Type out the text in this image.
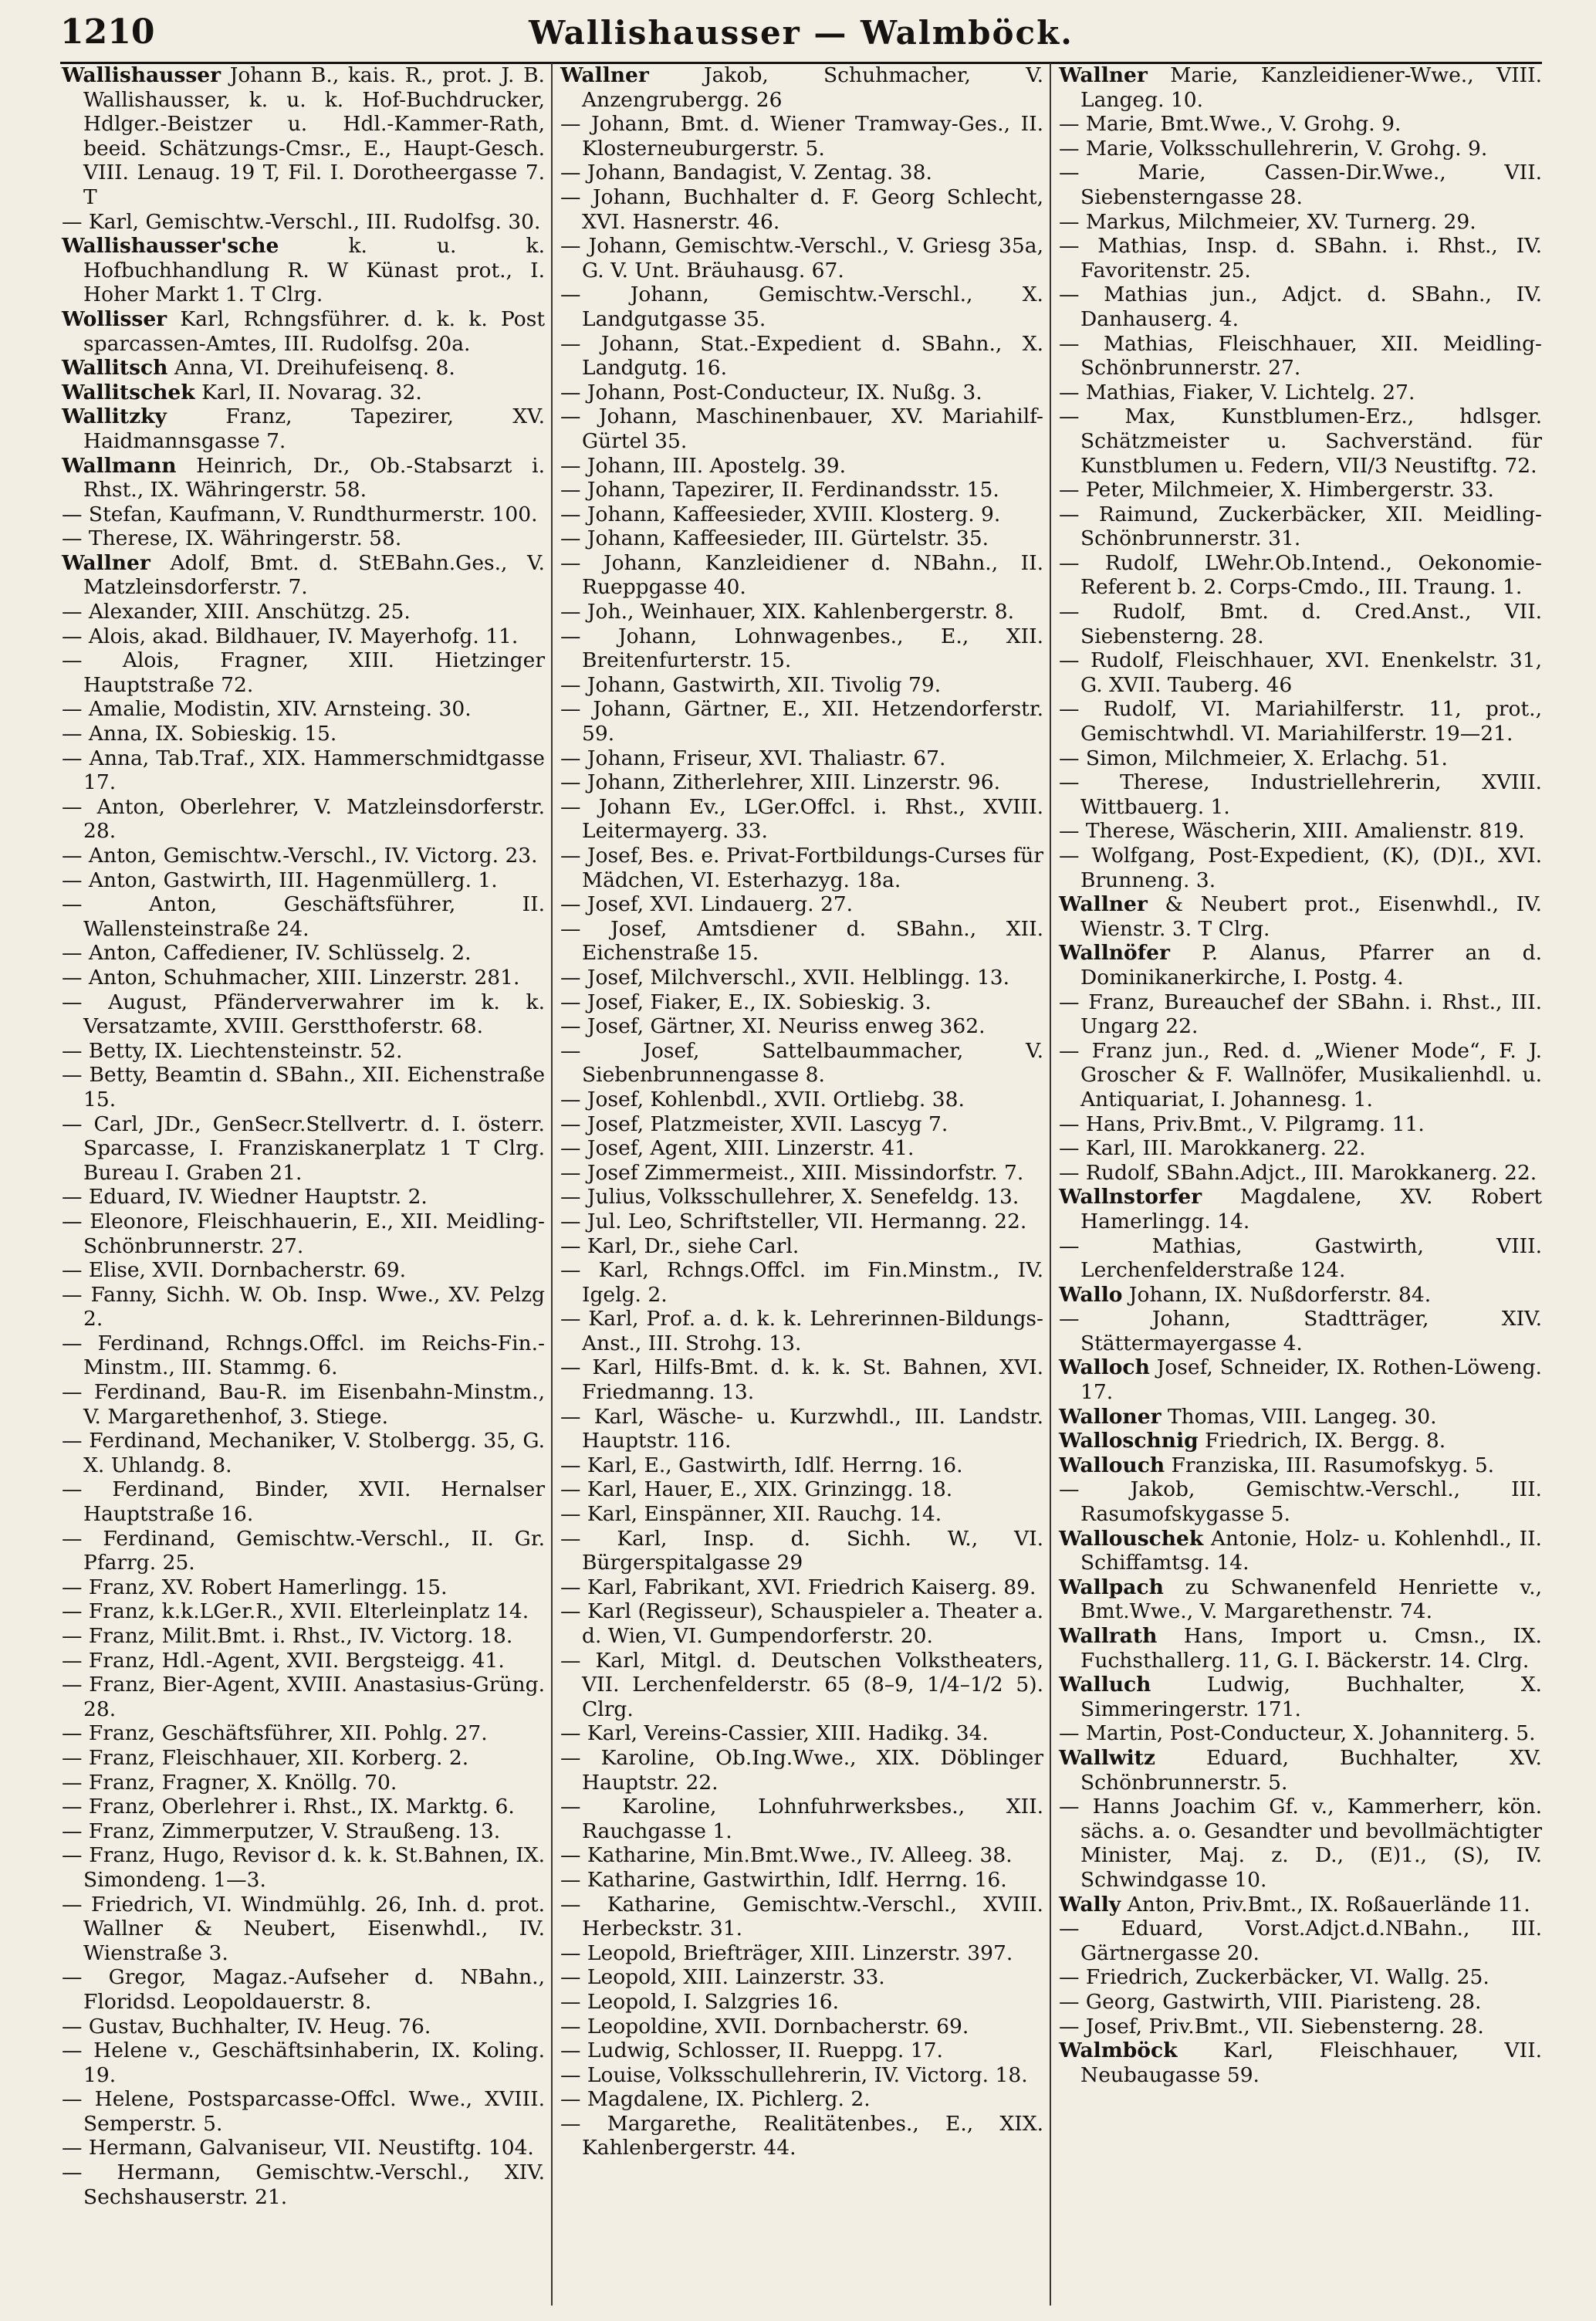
1210	Wallishausser — Walmböck.

Wallishausser Johann B., kais. R., prot. J. B. Wallishausser, k. u. k. Hof-Buchdrucker, Hdlger.-Beistzer u. Hdl.-Kammer-Rath, beeid. Schätzungs-Cmsr., E., Haupt-Gesch. VIII. Lenaug. 19 T, Fil. I. Dorotheergasse 7. T

— Karl, Gemischtw.-Verschl., III. Rudolfsg. 30.

Wallishausser'sche	k. u. k. Hofbuchhandlung R. W Künast prot., I. Hoher Markt 1. T Clrg.

Wollisser Karl, Rchngsführer. d. k. k. Post sparcassen-Amtes, III. Rudolfsg. 20a.

Wallitsch Anna, VI. Dreihufeisenq. 8.

Wallitschek Karl, II. Novarag. 32.

Wallitzky	Franz, Tapezirer, XV. Haidmannsgasse 7.

Wallmann Heinrich, Dr., Ob.-Stabsarzt i. Rhst., IX. Währingerstr. 58.

— Stefan, Kaufmann, V. Rundthurmerstr. 100.

— Therese, IX. Währingerstr. 58.

Wallner Adolf, Bmt. d. StEBahn.Ges., V. Matzleinsdorferstr. 7.

— Alexander, XIII. Anschützg. 25.

— Alois, akad. Bildhauer, IV. Mayerhofg. 11.

— Alois, Fragner, XIII. Hietzinger Hauptstraße 72.

— Amalie, Modistin, XIV. Arnsteing. 30.

— Anna, IX. Sobieskig. 15.

— Anna, Tab.Traf., XIX. Hammerschmidtgasse 17.

— Anton, Oberlehrer, V. Matzleinsdorferstr. 28.

— Anton, Gemischtw.-Verschl., IV. Victorg. 23.

— Anton, Gastwirth, III. Hagenmüllerg. 1.

— Anton, Geschäftsführer, II. Wallensteinstraße 24.

— Anton, Caffediener, IV. Schlüsselg. 2.

— Anton, Schuhmacher, XIII. Linzerstr. 281.

— August, Pfänderverwahrer im k. k. Versatzamte, XVIII. Gerstthoferstr. 68.

— Betty, IX. Liechtensteinstr. 52.

— Betty, Beamtin d. SBahn., XII. Eichenstraße 15.

— Carl, JDr., GenSecr.Stellvertr. d. I. österr. Sparcasse, I. Franziskanerplatz 1 T Clrg. Bureau I. Graben 21.

— Eduard, IV. Wiedner Hauptstr. 2.

— Eleonore, Fleischhauerin, E., XII. Meidling-Schönbrunnerstr. 27.

— Elise, XVII. Dornbacherstr. 69.

— Fanny, Sichh. W. Ob. Insp. Wwe., XV. Pelzg 2.

— Ferdinand, Rchngs.Offcl. im Reichs-Fin.-Minstm., III. Stammg. 6.

— Ferdinand, Bau-R. im Eisenbahn-Minstm., V. Margarethenhof, 3. Stiege.

— Ferdinand, Mechaniker, V. Stolbergg. 35, G. X. Uhlandg. 8.

— Ferdinand, Binder, XVII. Hernalser Hauptstraße 16.

— Ferdinand, Gemischtw.-Verschl., II. Gr. Pfarrg. 25.

— Franz, XV. Robert Hamerlingg. 15.

— Franz, k.k.LGer.R., XVII. Elterleinplatz 14.

— Franz, Milit.Bmt. i. Rhst., IV. Victorg. 18.

— Franz, Hdl.-Agent, XVII. Bergsteigg. 41.

— Franz, Bier-Agent, XVIII. Anastasius-Grüng. 28.

— Franz, Geschäftsführer, XII. Pohlg. 27.

— Franz, Fleischhauer, XII. Korberg. 2.

— Franz, Fragner, X. Knöllg. 70.

— Franz, Oberlehrer i. Rhst., IX. Marktg. 6.

— Franz, Zimmerputzer, V. Straußeng. 13.

— Franz, Hugo, Revisor d. k. k. St.Bahnen, IX. Simondeng. 1—3.

— Friedrich, VI. Windmühlg. 26, Inh. d. prot. Wallner & Neubert, Eisenwhdl., IV. Wienstraße 3.

— Gregor, Magaz.-Aufseher d. NBahn., Floridsd. Leopoldauerstr. 8.

— Gustav, Buchhalter, IV. Heug. 76.

— Helene v., Geschäftsinhaberin, IX. Koling. 19.

— Helene, Postsparcasse-Offcl. Wwe., XVIII. Semperstr. 5.

— Hermann, Galvaniseur, VII. Neustiftg. 104.

— Hermann, Gemischtw.-Verschl., XIV. Sechshauserstr. 21.

Wallner	Jakob, Schuhmacher, V. Anzengrubergg. 26

— Johann, Bmt. d. Wiener Tramway-Ges., II. Klosterneuburgerstr. 5.

— Johann, Bandagist, V. Zentag. 38.

— Johann, Buchhalter d. F. Georg Schlecht, XVI. Hasnerstr. 46.

— Johann, Gemischtw.-Verschl., V. Griesg 35a, G. V. Unt. Bräuhausg. 67.

— Johann, Gemischtw.-Verschl., X. Landgutgasse 35.

— Johann, Stat.-Expedient d. SBahn., X. Landgutg. 16.

— Johann, Post-Conducteur, IX. Nußg. 3.

— Johann, Maschinenbauer, XV. Mariahilf-Gürtel 35.

— Johann, III. Apostelg. 39.

— Johann, Tapezirer, II. Ferdinandsstr. 15.

— Johann, Kaffeesieder, XVIII. Klosterg. 9.

— Johann, Kaffeesieder, III. Gürtelstr. 35.

— Johann, Kanzleidiener d. NBahn., II. Rueppgasse 40.

— Joh., Weinhauer, XIX. Kahlenbergerstr. 8.

— Johann, Lohnwagenbes., E., XII. Breitenfurterstr. 15.

— Johann, Gastwirth, XII. Tivolig 79.

— Johann, Gärtner, E., XII. Hetzendorferstr. 59.

— Johann, Friseur, XVI. Thaliastr. 67.

— Johann, Zitherlehrer, XIII. Linzerstr. 96.

— Johann Ev., LGer.Offcl. i. Rhst., XVIII. Leitermayerg. 33.

— Josef, Bes. e. Privat-Fortbildungs-Curses für Mädchen, VI. Esterhazyg. 18a.

— Josef, XVI. Lindauerg. 27.

— Josef, Amtsdiener d. SBahn., XII. Eichenstraße 15.

— Josef, Milchverschl., XVII. Helblingg. 13.

— Josef, Fiaker, E., IX. Sobieskig. 3.

— Josef, Gärtner, XI. Neuriss enweg 362.

— Josef, Sattelbaummacher, V. Siebenbrunnengasse 8.

— Josef, Kohlenbdl., XVII. Ortliebg. 38.

— Josef, Platzmeister, XVII. Lascyg 7.

— Josef, Agent, XIII. Linzerstr. 41.

— Josef Zimmermeist., XIII. Missindorfstr. 7.

— Julius, Volksschullehrer, X. Senefeldg. 13.

— Jul. Leo, Schriftsteller, VII. Hermanng. 22.

— Karl, Dr., siehe Carl.

— Karl, Rchngs.Offcl. im Fin.Minstm., IV. Igelg. 2.

— Karl, Prof. a. d. k. k. Lehrerinnen-Bildungs-Anst., III. Strohg. 13.

— Karl, Hilfs-Bmt. d. k. k. St. Bahnen, XVI. Friedmanng. 13.

— Karl, Wäsche- u. Kurzwhdl., III. Landstr. Hauptstr. 116.

— Karl, E., Gastwirth, Idlf. Herrng. 16.

— Karl, Hauer, E., XIX. Grinzingg. 18.

— Karl, Einspänner, XII. Rauchg. 14.

— Karl, Insp. d. Sichh. W., VI. Bürgerspitalgasse 29

— Karl, Fabrikant, XVI. Friedrich Kaiserg. 89.

— Karl (Regisseur), Schauspieler a. Theater a. d. Wien, VI. Gumpendorferstr. 20.

— Karl, Mitgl. d. Deutschen Volkstheaters, VII. Lerchenfelderstr. 65 (8–9, 1/4–1/2 5). Clrg.

— Karl, Vereins-Cassier, XIII. Hadikg. 34.

— Karoline, Ob.Ing.Wwe., XIX. Döblinger Hauptstr. 22.

— Karoline, Lohnfuhrwerksbes., XII. Rauchgasse 1.

— Katharine, Min.Bmt.Wwe., IV. Alleeg. 38.

— Katharine, Gastwirthin, Idlf. Herrng. 16.

— Katharine, Gemischtw.-Verschl., XVIII. Herbeckstr. 31.

— Leopold, Briefträger, XIII. Linzerstr. 397.

— Leopold, XIII. Lainzerstr. 33.

— Leopold, I. Salzgries 16.

— Leopoldine, XVII. Dornbacherstr. 69.

— Ludwig, Schlosser, II. Rueppg. 17.

— Louise, Volksschullehrerin, IV. Victorg. 18.

— Magdalene, IX. Pichlerg. 2.

— Margarethe, Realitätenbes., E., XIX. Kahlenbergerstr. 44.

Wallner Marie, Kanzleidiener-Wwe., VIII. Langeg. 10.

— Marie, Bmt.Wwe., V. Grohg. 9.

— Marie, Volksschullehrerin, V. Grohg. 9.

— Marie, Cassen-Dir.Wwe., VII. Siebensterngasse 28.

— Markus, Milchmeier, XV. Turnerg. 29.

— Mathias, Insp. d. SBahn. i. Rhst., IV. Favoritenstr. 25.

— Mathias jun., Adjct. d. SBahn., IV. Danhauserg. 4.

— Mathias, Fleischhauer, XII. Meidling-Schönbrunnerstr. 27.

— Mathias, Fiaker, V. Lichtelg. 27.

— Max, Kunstblumen-Erz., hdlsger. Schätzmeister u. Sachverständ. für Kunstblumen u. Federn, VII/3 Neustiftg. 72.

— Peter, Milchmeier, X. Himbergerstr. 33.

— Raimund, Zuckerbäcker, XII. Meidling-Schönbrunnerstr. 31.

— Rudolf, LWehr.Ob.Intend., Oekonomie-Referent b. 2. Corps-Cmdo., III. Traung. 1.

— Rudolf, Bmt. d. Cred.Anst., VII. Siebensterng. 28.

— Rudolf, Fleischhauer, XVI. Enenkelstr. 31, G. XVII. Tauberg. 46

— Rudolf, VI. Mariahilferstr. 11, prot., Gemischtwhdl. VI. Mariahilferstr. 19—21.

— Simon, Milchmeier, X. Erlachg. 51.

— Therese, Industriellehrerin, XVIII. Wittbauerg. 1.

— Therese, Wäscherin, XIII. Amalienstr. 819.

— Wolfgang, Post-Expedient, (K), (D)I., XVI. Brunneng. 3.

Wallner & Neubert prot., Eisenwhdl., IV. Wienstr. 3. T Clrg.

Wallnöfer P. Alanus, Pfarrer an d. Dominikanerkirche, I. Postg. 4.

— Franz, Bureauchef der SBahn. i. Rhst., III. Ungarg 22.

— Franz jun., Red. d. „Wiener Mode“, F. J. Groscher & F. Wallnöfer, Musikalienhdl. u. Antiquariat, I. Johannesg. 1.

— Hans, Priv.Bmt., V. Pilgramg. 11.

— Karl, III. Marokkanerg. 22.

— Rudolf, SBahn.Adjct., III. Marokkanerg. 22.

Wallnstorfer Magdalene, XV. Robert Hamerlingg. 14.

— Mathias, Gastwirth, VIII. Lerchenfelderstraße 124.

Wallo Johann, IX. Nußdorferstr. 84.

— Johann, Stadtträger, XIV. Stättermayergasse 4.

Walloch Josef, Schneider, IX. Rothen-Löweng. 17.

Walloner Thomas, VIII. Langeg. 30.

Walloschnig Friedrich, IX. Bergg. 8.

Wallouch Franziska, III. Rasumofskyg. 5.

— Jakob, Gemischtw.-Verschl., III. Rasumofskygasse 5.

Wallouschek Antonie, Holz- u. Kohlenhdl., II. Schiffamtsg. 14.

Wallpach zu Schwanenfeld Henriette v., Bmt.Wwe., V. Margarethenstr. 74.

Wallrath Hans, Import u. Cmsn., IX. Fuchsthallerg. 11, G. I. Bäckerstr. 14. Clrg.

Walluch	Ludwig, Buchhalter, X. Simmeringerstr. 171.

— Martin, Post-Conducteur, X. Johanniterg. 5.

Wallwitz Eduard, Buchhalter, XV. Schönbrunnerstr. 5.

— Hanns Joachim Gf. v., Kammerherr, kön. sächs. a. o. Gesandter und bevollmächtigter Minister, Maj. z. D., (E)1., (S), IV. Schwindgasse 10.

Wally Anton, Priv.Bmt., IX. Roßauerlände 11.

— Eduard, Vorst.Adjct.d.NBahn., III. Gärtnergasse 20.

— Friedrich, Zuckerbäcker, VI. Wallg. 25.

— Georg, Gastwirth, VIII. Piaristeng. 28.

— Josef, Priv.Bmt., VII. Siebensterng. 28.

Walmböck Karl, Fleischhauer, VII. Neubaugasse 59.
